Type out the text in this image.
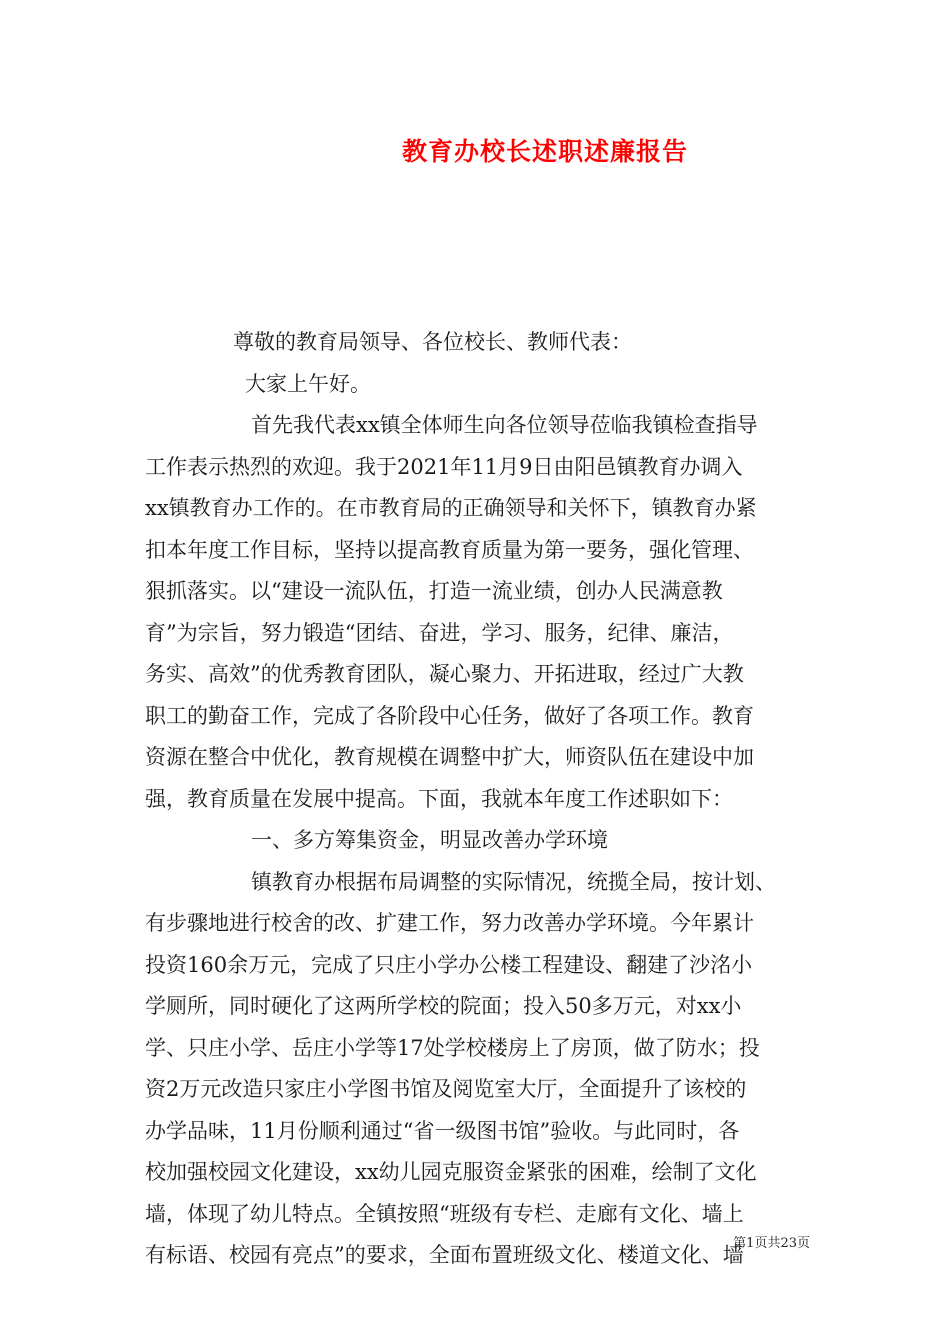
教育办校长述职述廉报告
尊敬的教育局领导、各位校长、教师代表：
大家上午好。
首先我代表xx镇全体师生向各位领导莅临我镇检查指导
工作表示热烈的欢迎。我于2021年11月9日由阳邑镇教育办调入
xx镇教育办工作的。在市教育局的正确领导和关怀下，镇教育办紧
扣本年度工作目标，坚持以提高教育质量为第一要务，强化管理、
狠抓落实。以“建设一流队伍，打造一流业绩，创办人民满意教
育”为宗旨，努力锻造“团结、奋进，学习、服务，纪律、廉洁，
务实、高效”的优秀教育团队，凝心聚力、开拓进取，经过广大教
职工的勤奋工作，完成了各阶段中心任务，做好了各项工作。教育
资源在整合中优化，教育规模在调整中扩大，师资队伍在建设中加
强，教育质量在发展中提高。下面，我就本年度工作述职如下：
一、多方筹集资金，明显改善办学环境
镇教育办根据布局调整的实际情况，统揽全局，按计划、
有步骤地进行校舍的改、扩建工作，努力改善办学环境。今年累计
投资160余万元，完成了只庄小学办公楼工程建设、翻建了沙洺小
学厕所，同时硬化了这两所学校的院面；投入50多万元，对xx小
学、只庄小学、岳庄小学等17处学校楼房上了房顶，做了防水；投
资2万元改造只家庄小学图书馆及阅览室大厅，全面提升了该校的
办学品味，11月份顺利通过“省一级图书馆”验收。与此同时，各
校加强校园文化建设，xx幼儿园克服资金紧张的困难，绘制了文化
墙，体现了幼儿特点。全镇按照“班级有专栏、走廊有文化、墙上
有标语、校园有亮点”的要求，全面布置班级文化、楼道文化、墙
第1页共23页
